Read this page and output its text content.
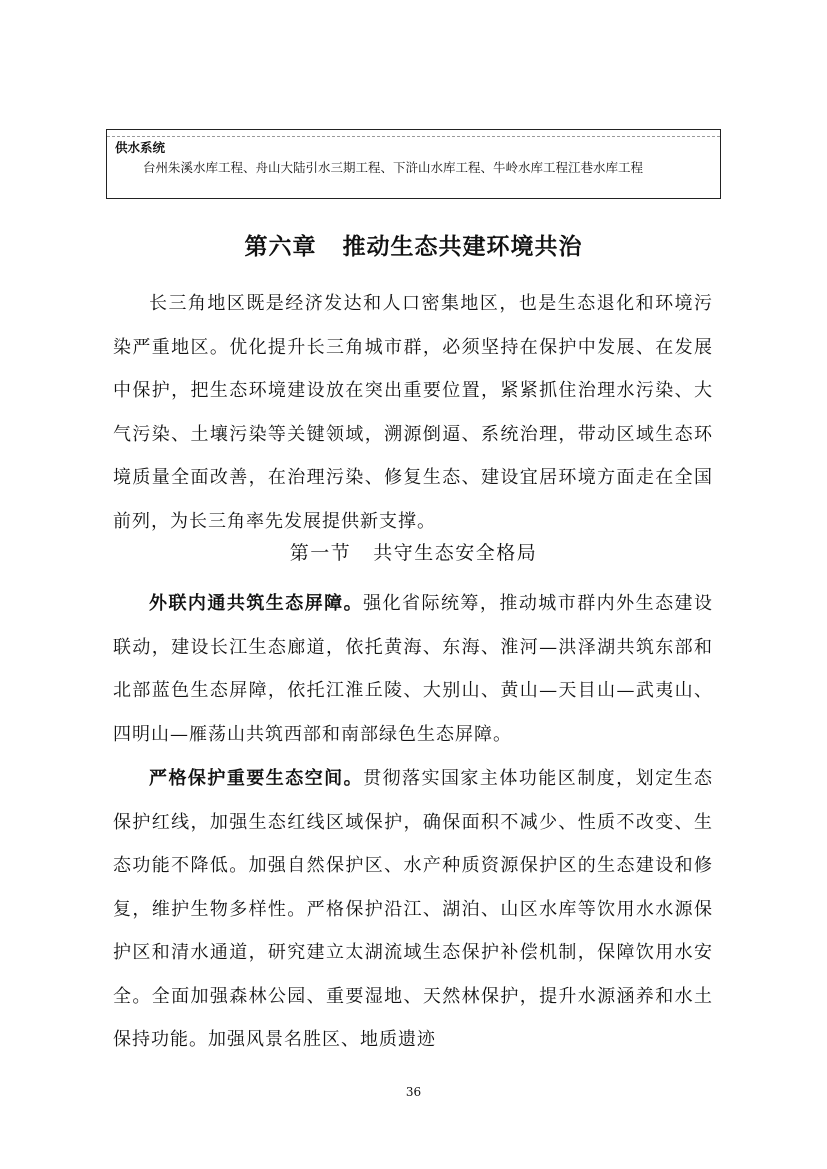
供水系统
台州朱溪水库工程、舟山大陆引水三期工程、下浒山水库工程、牛岭水库工程江巷水库工程
第六章 推动生态共建环境共治

长三角地区既是经济发达和人口密集地区，也是生态退化和环境污染严重地区。优化提升长三角城市群，必须坚持在保护中发展、在发展中保护，把生态环境建设放在突出重要位置，紧紧抓住治理水污染、大气污染、土壤污染等关键领域，溯源倒逼、系统治理，带动区域生态环境质量全面改善，在治理污染、修复生态、建设宜居环境方面走在全国前列，为长三角率先发展提供新支撑。

第一节 共守生态安全格局

外联内通共筑生态屏障。强化省际统筹，推动城市群内外生态建设联动，建设长江生态廊道，依托黄海、东海、淮河—洪泽湖共筑东部和北部蓝色生态屏障，依托江淮丘陵、大别山、黄山—天目山—武夷山、四明山—雁荡山共筑西部和南部绿色生态屏障。

严格保护重要生态空间。贯彻落实国家主体功能区制度，划定生态保护红线，加强生态红线区域保护，确保面积不减少、性质不改变、生态功能不降低。加强自然保护区、水产种质资源保护区的生态建设和修复，维护生物多样性。严格保护沿江、湖泊、山区水库等饮用水水源保护区和清水通道，研究建立太湖流域生态保护补偿机制，保障饮用水安全。全面加强森林公园、重要湿地、天然林保护，提升水源涵养和水土保持功能。加强风景名胜区、地质遗迹

36
